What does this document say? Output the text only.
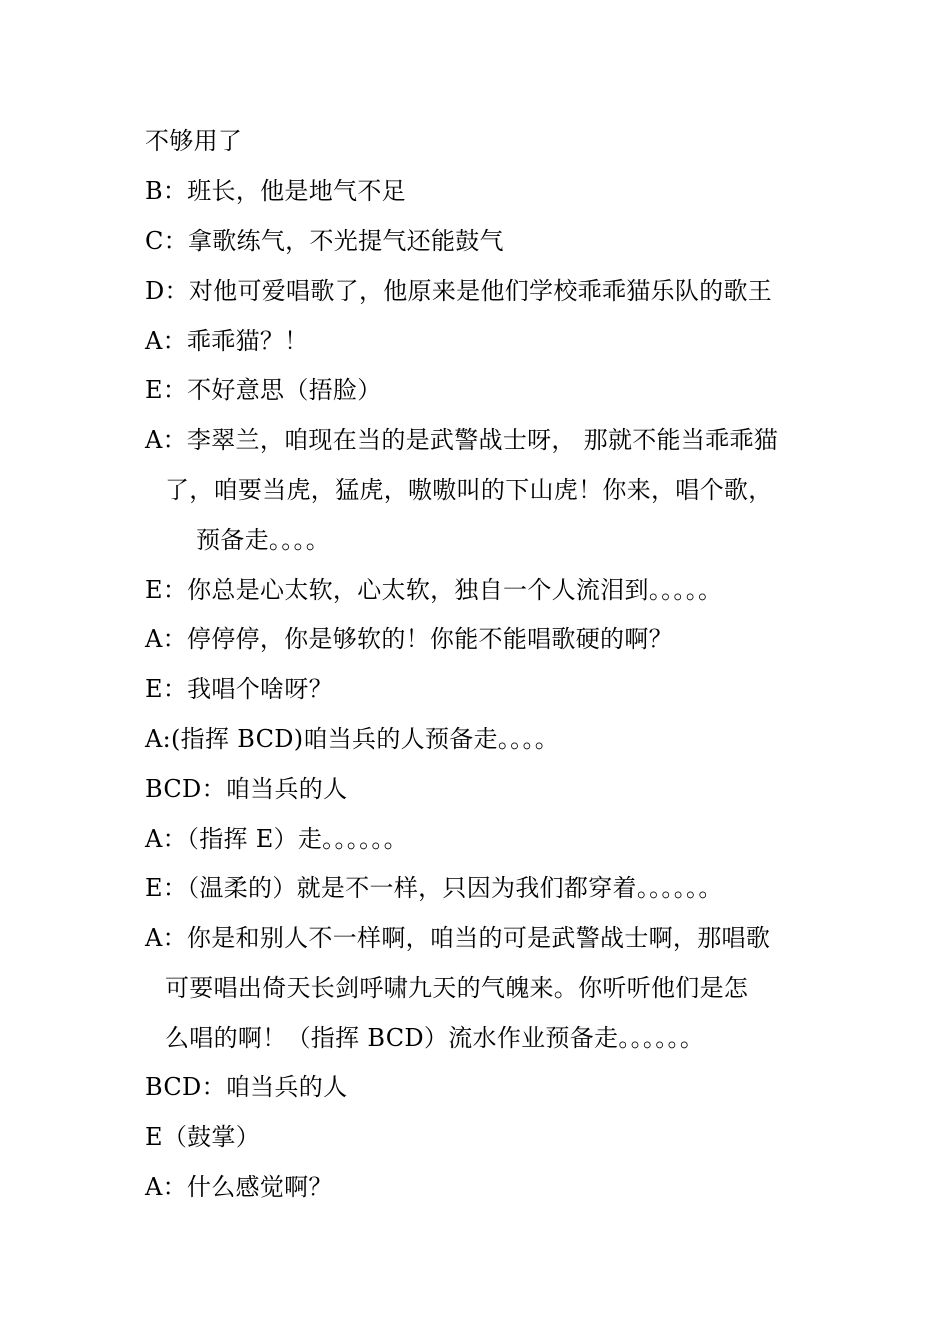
不够用了
B：班长，他是地气不足
C：拿歌练气，不光提气还能鼓气
D：对他可爱唱歌了，他原来是他们学校乖乖猫乐队的歌王
A：乖乖猫？！
E：不好意思（捂脸）
A：李翠兰，咱现在当的是武警战士呀， 那就不能当乖乖猫
了，咱要当虎，猛虎，嗷嗷叫的下山虎！你来，唱个歌，
预备走。。。。
E：你总是心太软，心太软，独自一个人流泪到。。。。。
A：停停停，你是够软的！你能不能唱歌硬的啊？
E：我唱个啥呀？
A:(指挥 BCD)咱当兵的人预备走。。。。
BCD：咱当兵的人
A：（指挥 E）走。。。。。。
E：（温柔的）就是不一样，只因为我们都穿着。。。。。。
A：你是和别人不一样啊，咱当的可是武警战士啊，那唱歌
可要唱出倚天长剑呼啸九天的气魄来。你听听他们是怎
么唱的啊！（指挥 BCD）流水作业预备走。。。。。。
BCD：咱当兵的人
E（鼓掌）
A：什么感觉啊？
